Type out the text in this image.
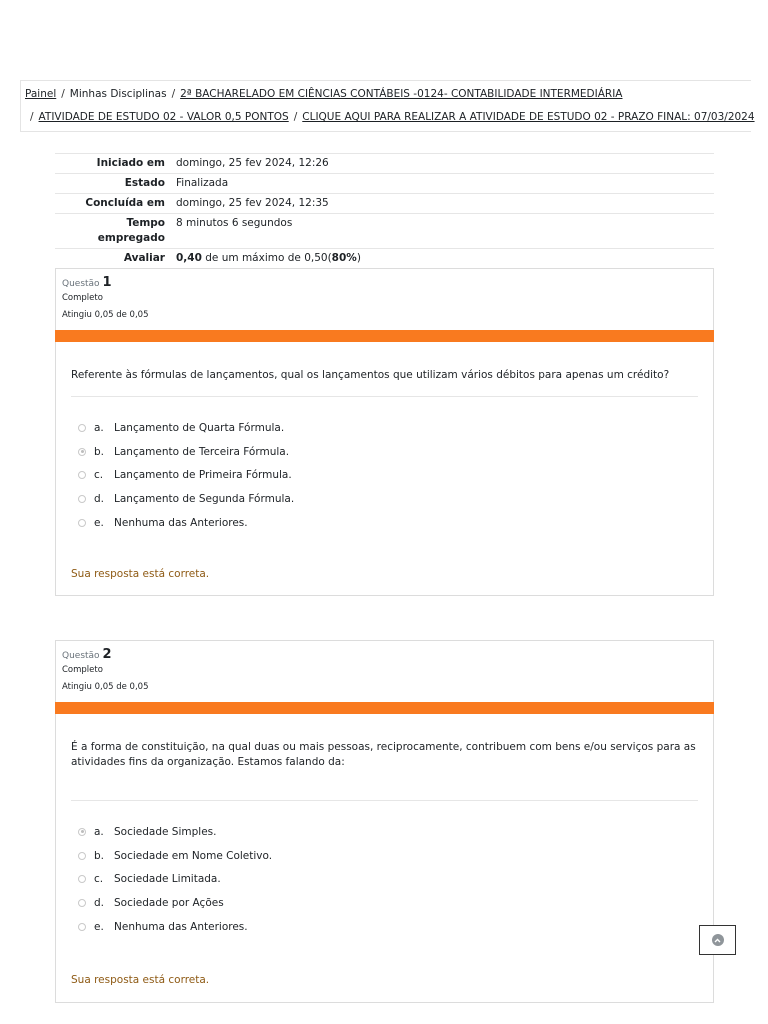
Painel / Minhas Disciplinas / 2ª BACHARELADO EM CIÊNCIAS CONTÁBEIS -0124- CONTABILIDADE INTERMEDIÁRIA
/ ATIVIDADE DE ESTUDO 02 - VALOR 0,5 PONTOS / CLIQUE AQUI PARA REALIZAR A ATIVIDADE DE ESTUDO 02 - PRAZO FINAL: 07/03/2024
Iniciado em	domingo, 25 fev 2024, 12:26
Estado	Finalizada
Concluída em	domingo, 25 fev 2024, 12:35
Tempo empregado	8 minutos 6 segundos
Avaliar	0,40 de um máximo de 0,50(80%)
Questão 1
Completo
Atingiu 0,05 de 0,05
Referente às fórmulas de lançamentos, qual os lançamentos que utilizam vários débitos para apenas um crédito?
a. Lançamento de Quarta Fórmula.
b. Lançamento de Terceira Fórmula.
c.	Lançamento de Primeira Fórmula.
d. Lançamento de Segunda Fórmula.
e. Nenhuma das Anteriores.
Sua resposta está correta.
Questão 2
Completo
Atingiu 0,05 de 0,05
É a forma de constituição, na qual duas ou mais pessoas, reciprocamente, contribuem com bens e/ou serviços para as atividades fins da organização. Estamos falando da:
a. Sociedade Simples.
b. Sociedade em Nome Coletivo.
c.	Sociedade Limitada.
d. Sociedade por Ações
e. Nenhuma das Anteriores.
Sua resposta está correta.
